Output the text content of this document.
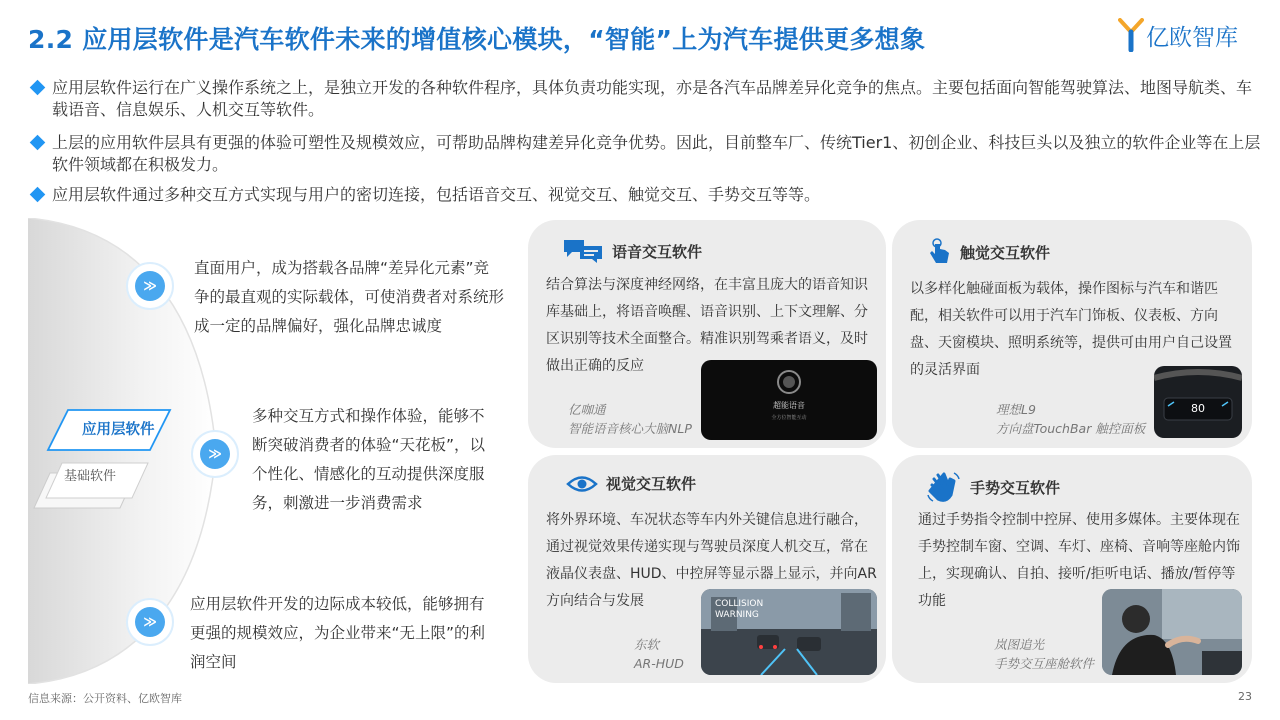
2.2 应用层软件是汽车软件未来的增值核心模块，“智能”上为汽车提供更多想象	亿欧智库
应用层软件运行在广义操作系统之上，是独立开发的各种软件程序，具体负责功能实现，亦是各汽车品牌差异化竞争的焦点。主要包括面向智能驾驶算法、地图导航类、车载语音、信息娱乐、人机交互等软件。
上层的应用软件层具有更强的体验可塑性及规模效应，可帮助品牌构建差异化竞争优势。因此，目前整车厂、传统Tier1、初创企业、科技巨头以及独立的软件企业等在上层软件领域都在积极发力。
应用层软件通过多种交互方式实现与用户的密切连接，包括语音交互、视觉交互、触觉交互、手势交互等等。
≫
≫
≫
应用层软件
基础软件
直面用户，成为搭载各品牌“差异化元素”竞争的最直观的实际载体，可使消费者对系统形成一定的品牌偏好，强化品牌忠诚度
多种交互方式和操作体验，能够不断突破消费者的体验“天花板”，以个性化、情感化的互动提供深度服务，刺激进一步消费需求
应用层软件开发的边际成本较低，能够拥有更强的规模效应，为企业带来“无上限”的利润空间
语音交互软件
结合算法与深度神经网络，在丰富且庞大的语音知识库基础上，将语音唤醒、语音识别、上下文理解、分区识别等技术全面整合。精准识别驾乘者语义，及时做出正确的反应
亿咖通
智能语音核心大脑NLP
超能语音
全方位智能互动
触觉交互软件
以多样化触碰面板为载体，操作图标与汽车和谐匹配，相关软件可以用于汽车门饰板、仪表板、方向盘、天窗模块、照明系统等，提供可由用户自己设置的灵活界面
理想L9
方向盘TouchBar 触控面板
80
视觉交互软件
将外界环境、车况状态等车内外关键信息进行融合，通过视觉效果传递实现与驾驶员深度人机交互，常在液晶仪表盘、HUD、中控屏等显示器上显示，并向AR方向结合与发展
东软
AR-HUD
COLLISION
WARNING
手势交互软件
通过手势指令控制中控屏、使用多媒体。主要体现在手势控制车窗、空调、车灯、座椅、音响等座舱内饰上，实现确认、自拍、接听/拒听电话、播放/暂停等功能
岚图追光
手势交互座舱软件
信息来源：公开资料、亿欧智库	23
